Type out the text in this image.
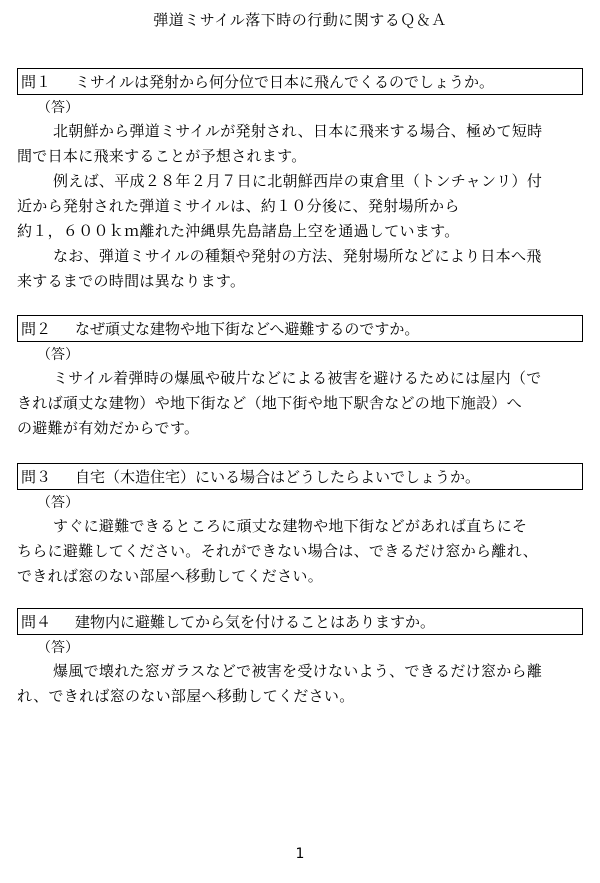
弾道ミサイル落下時の行動に関するＱ＆Ａ
問１	ミサイルは発射から何分位で日本に飛んでくるのでしょうか。
（答）

北朝鮮から弾道ミサイルが発射され、日本に飛来する場合、極めて短時
間で日本に飛来することが予想されます。

例えば、平成２８年２月７日に北朝鮮西岸の東倉里（トンチャンリ）付
近から発射された弾道ミサイルは、約１０分後に、発射場所から
約１，６００ｋｍ離れた沖縄県先島諸島上空を通過しています。

なお、弾道ミサイルの種類や発射の方法、発射場所などにより日本へ飛
来するまでの時間は異なります。

問２	なぜ頑丈な建物や地下街などへ避難するのですか。
（答）

ミサイル着弾時の爆風や破片などによる被害を避けるためには屋内（で
きれば頑丈な建物）や地下街など（地下街や地下駅舎などの地下施設）へ
の避難が有効だからです。

問３	自宅（木造住宅）にいる場合はどうしたらよいでしょうか。
（答）

すぐに避難できるところに頑丈な建物や地下街などがあれば直ちにそ
ちらに避難してください。それができない場合は、できるだけ窓から離れ、
できれば窓のない部屋へ移動してください。

問４	建物内に避難してから気を付けることはありますか。
（答）

爆風で壊れた窓ガラスなどで被害を受けないよう、できるだけ窓から離
れ、できれば窓のない部屋へ移動してください。

1
